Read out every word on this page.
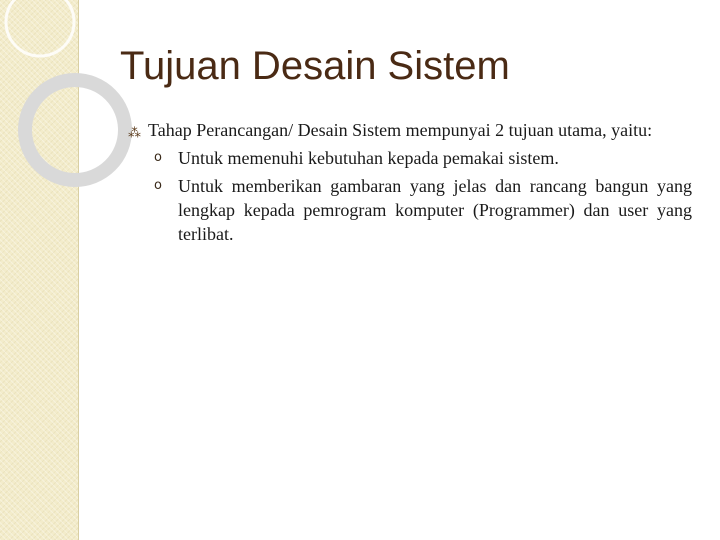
Tujuan Desain Sistem
⁂ Tahap Perancangan/ Desain Sistem mempunyai 2 tujuan utama, yaitu:
o Untuk memenuhi kebutuhan kepada pemakai sistem.
o Untuk memberikan gambaran yang jelas dan rancang bangun yang lengkap kepada pemrogram komputer (Programmer) dan user yang terlibat.
